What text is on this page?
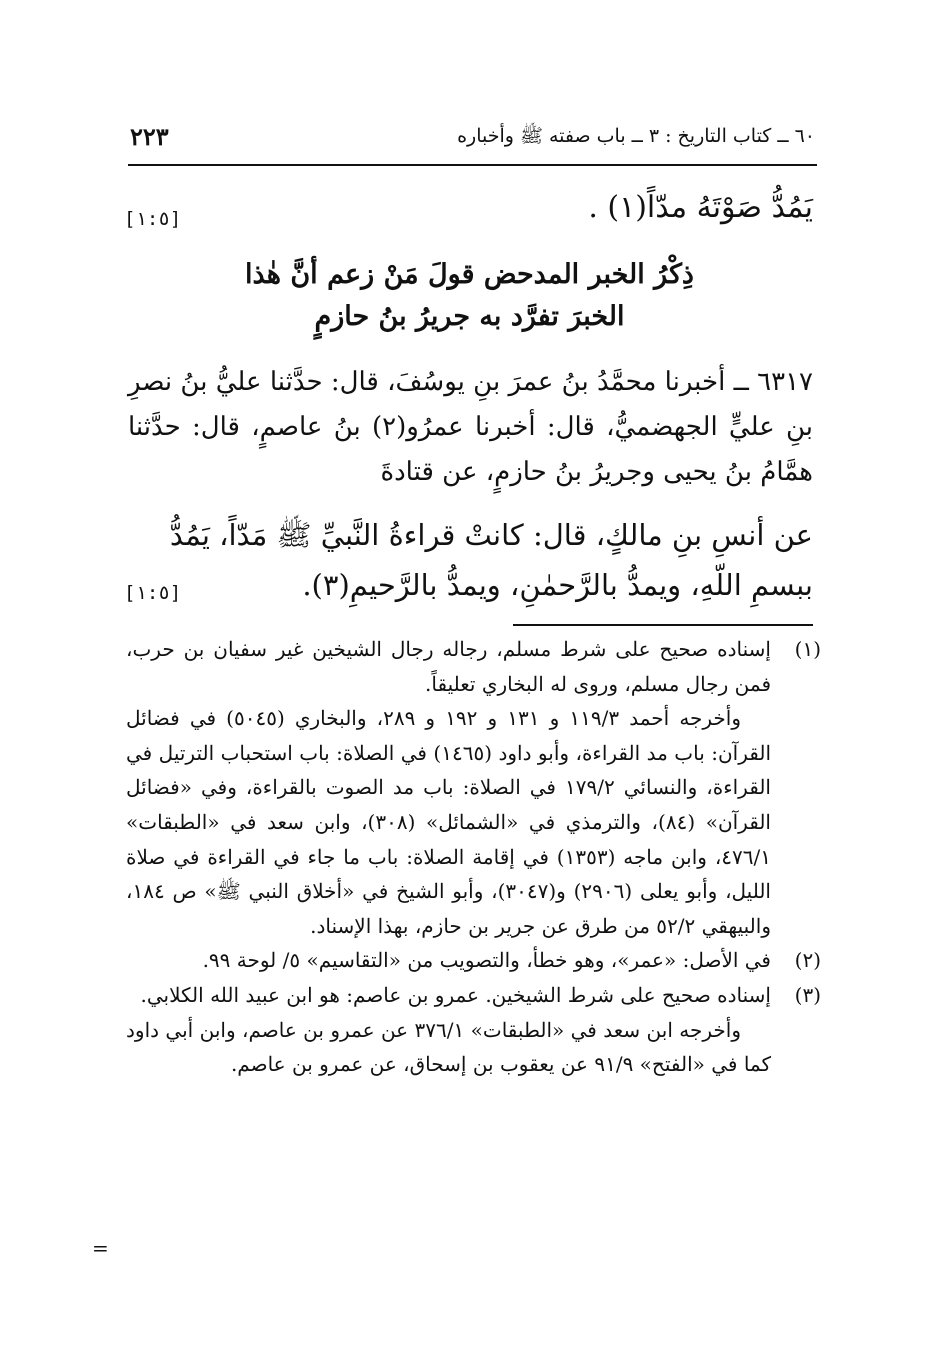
٦٠ ــ كتاب التاريخ : ٣ ــ باب صفته ﷺ وأخباره
٢٢٣
يَمُدُّ صَوْتَهُ مدّاً(١) .
[١:٥]
ذِكْرُ الخبر المدحض قولَ مَنْ زعم أنَّ هٰذا
الخبرَ تفرَّد به جريرُ بنُ حازمٍ
٦٣١٧ ــ أخبرنا محمَّدُ بنُ عمرَ بنِ يوسُفَ، قال: حدَّثنا عليُّ بنُ نصرِ بنِ عليٍّ الجهضميُّ، قال: أخبرنا عمرُو(٢) بنُ عاصمٍ، قال: حدَّثنا همَّامُ بنُ يحيى وجريرُ بنُ حازمٍ، عن قتادةَ
عن أنسِ بنِ مالكٍ، قال: كانتْ قراءةُ النَّبيِّ ﷺ مَدّاً، يَمُدُّ ببسمِ اللّهِ، ويمدُّ بالرَّحمٰنِ، ويمدُّ بالرَّحيمِ(٣).
[١:٥]
(١)
إسناده صحيح على شرط مسلم، رجاله رجال الشيخين غير سفيان بن حرب، فمن رجال مسلم، وروى له البخاري تعليقاً.
وأخرجه أحمد ١١٩/٣ و ١٣١ و ١٩٢ و ٢٨٩، والبخاري (٥٠٤٥) في فضائل القرآن: باب مد القراءة، وأبو داود (١٤٦٥) في الصلاة: باب استحباب الترتيل في القراءة، والنسائي ١٧٩/٢ في الصلاة: باب مد الصوت بالقراءة، وفي «فضائل القرآن» (٨٤)، والترمذي في «الشمائل» (٣٠٨)، وابن سعد في «الطبقات» ٤٧٦/١، وابن ماجه (١٣٥٣) في إقامة الصلاة: باب ما جاء في القراءة في صلاة الليل، وأبو يعلى (٢٩٠٦) و(٣٠٤٧)، وأبو الشيخ في «أخلاق النبي ﷺ» ص ١٨٤، والبيهقي ٥٢/٢ من طرق عن جرير بن حازم، بهذا الإسناد.
(٢)
في الأصل: «عمر»، وهو خطأ، والتصويب من «التقاسيم» ٥/ لوحة ٩٩.
(٣)
إسناده صحيح على شرط الشيخين. عمرو بن عاصم: هو ابن عبيد الله الكلابي.
وأخرجه ابن سعد في «الطبقات» ٣٧٦/١ عن عمرو بن عاصم، وابن أبي داود كما في «الفتح» ٩١/٩ عن يعقوب بن إسحاق، عن عمرو بن عاصم.
=
